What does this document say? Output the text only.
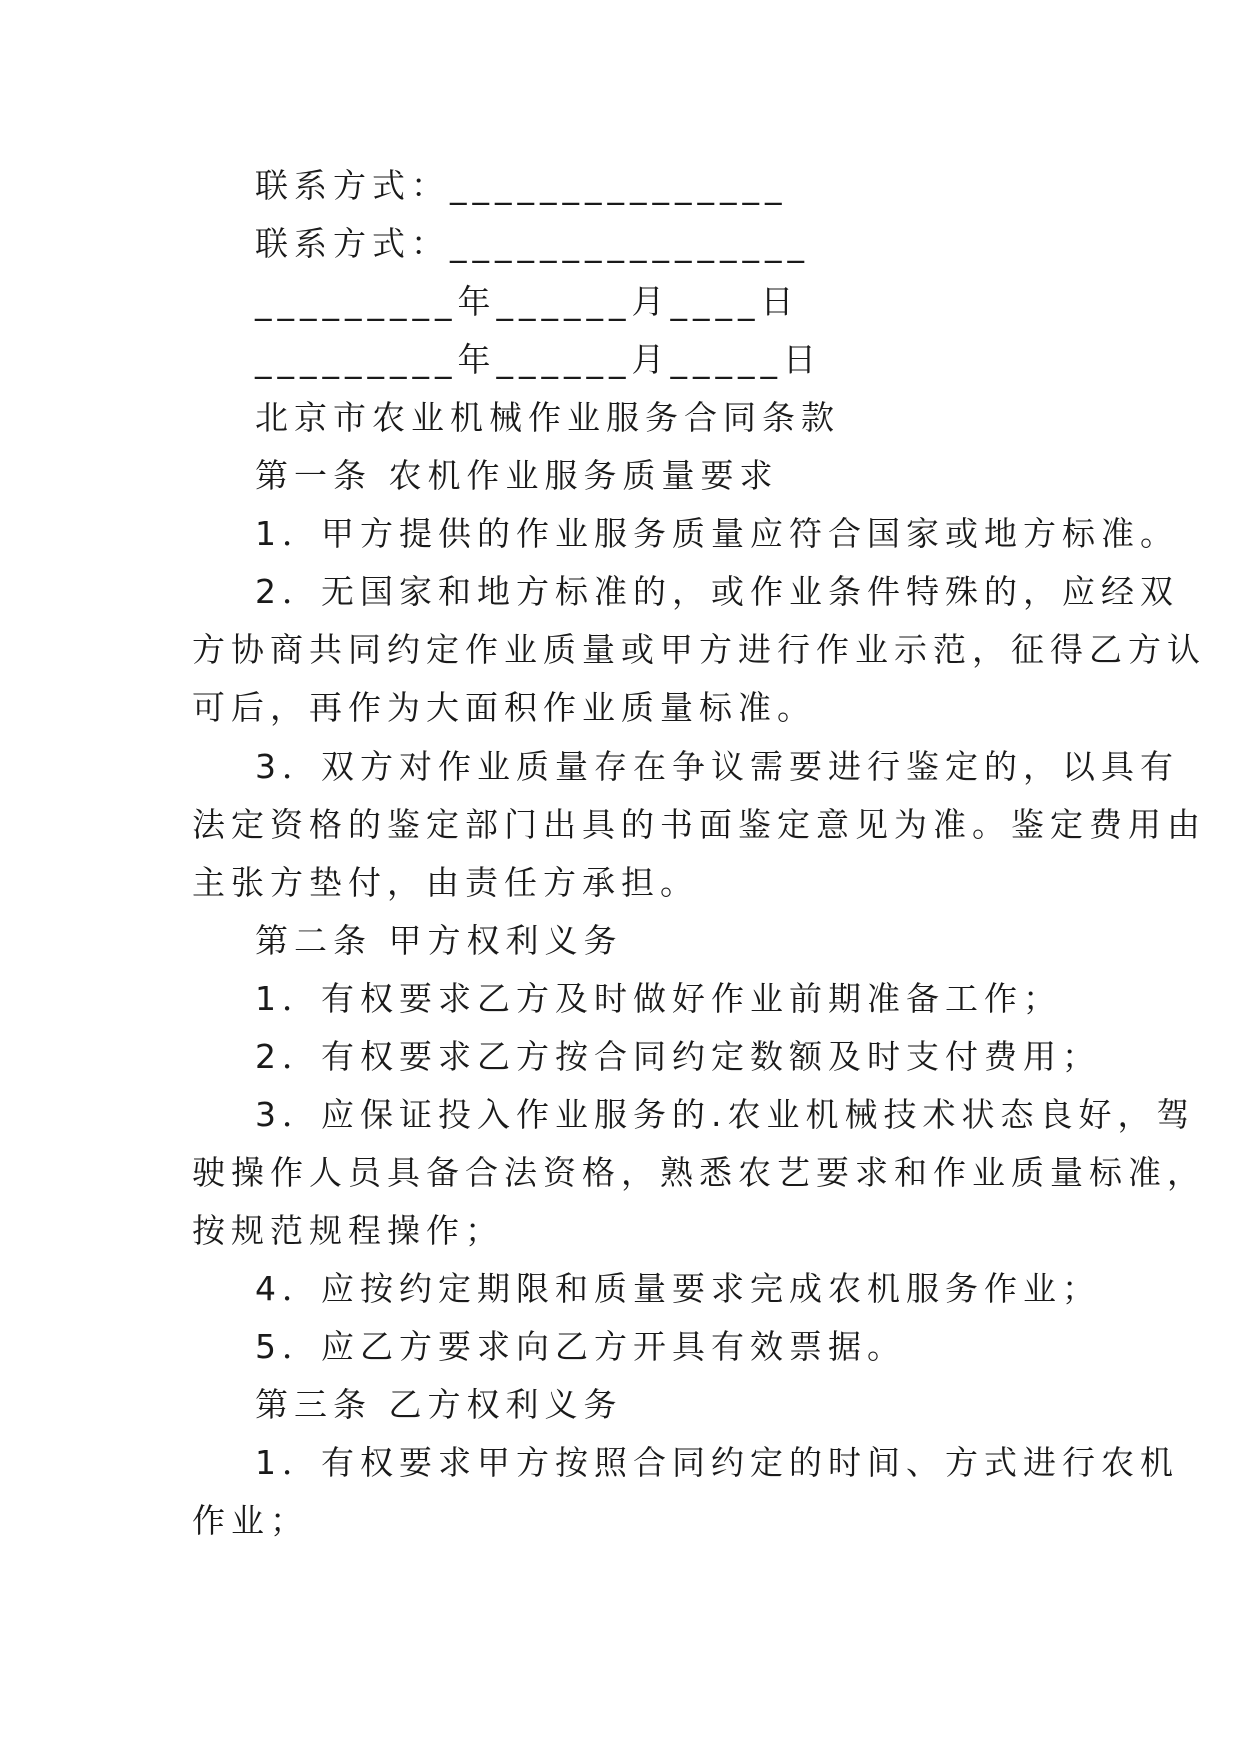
联系方式：_______________
联系方式：________________
_________年______月____日
_________年______月_____日
北京市农业机械作业服务合同条款
第一条 农机作业服务质量要求
1．甲方提供的作业服务质量应符合国家或地方标准。
2．无国家和地方标准的，或作业条件特殊的，应经双
方协商共同约定作业质量或甲方进行作业示范，征得乙方认
可后，再作为大面积作业质量标准。
3．双方对作业质量存在争议需要进行鉴定的，以具有
法定资格的鉴定部门出具的书面鉴定意见为准。鉴定费用由
主张方垫付，由责任方承担。
第二条 甲方权利义务
1．有权要求乙方及时做好作业前期准备工作；
2．有权要求乙方按合同约定数额及时支付费用；
3．应保证投入作业服务的.农业机械技术状态良好，驾
驶操作人员具备合法资格，熟悉农艺要求和作业质量标准，
按规范规程操作；
4．应按约定期限和质量要求完成农机服务作业；
5．应乙方要求向乙方开具有效票据。
第三条 乙方权利义务
1．有权要求甲方按照合同约定的时间、方式进行农机
作业；
